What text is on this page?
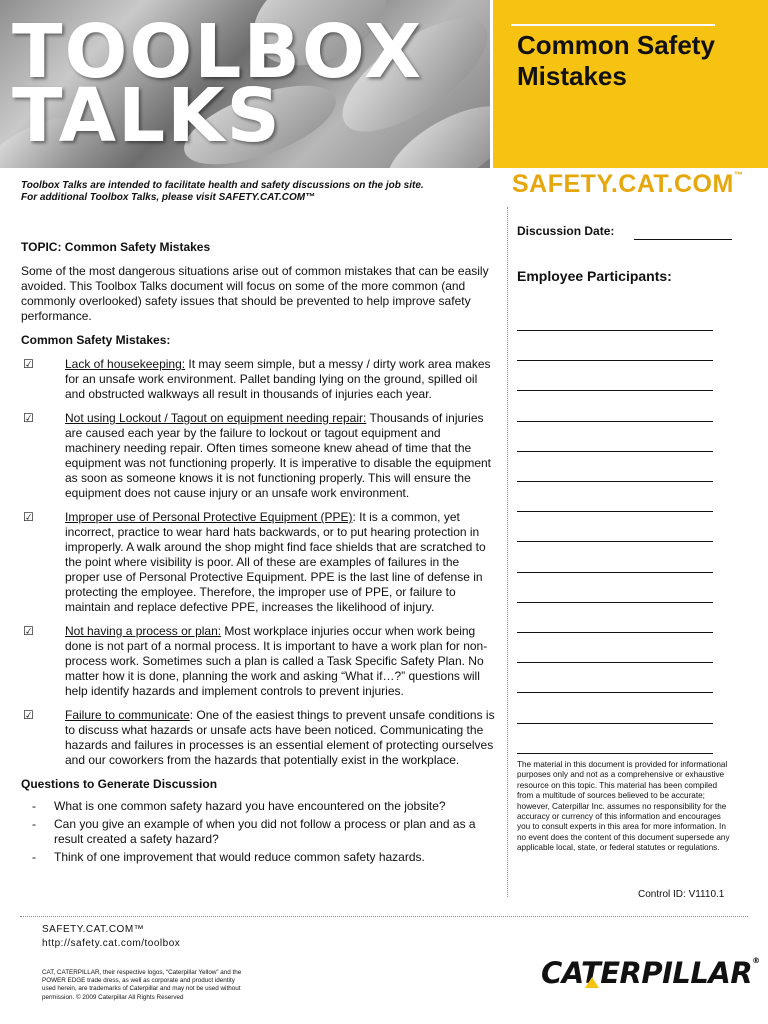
TOOLBOX
TALKS
Common Safety Mistakes
SAFETY.CAT.COM™
Toolbox Talks are intended to facilitate health and safety discussions on the job site.
For additional Toolbox Talks, please visit SAFETY.CAT.COM™

TOPIC: Common Safety Mistakes

Some of the most dangerous situations arise out of common mistakes that can be easily avoided. This Toolbox Talks document will focus on some of the more common (and commonly overlooked) safety issues that should be prevented to help improve safety performance.

Common Safety Mistakes:

☑	Lack of housekeeping: It may seem simple, but a messy / dirty work area makes for an unsafe work environment. Pallet banding lying on the ground, spilled oil and obstructed walkways all result in thousands of injuries each year.
☑	Not using Lockout / Tagout on equipment needing repair: Thousands of injuries are caused each year by the failure to lockout or tagout equipment and machinery needing repair. Often times someone knew ahead of time that the equipment was not functioning properly. It is imperative to disable the equipment as soon as someone knows it is not functioning properly. This will ensure the equipment does not cause injury or an unsafe work environment.
☑	Improper use of Personal Protective Equipment (PPE): It is a common, yet incorrect, practice to wear hard hats backwards, or to put hearing protection in improperly. A walk around the shop might find face shields that are scratched to the point where visibility is poor. All of these are examples of failures in the proper use of Personal Protective Equipment. PPE is the last line of defense in protecting the employee. Therefore, the improper use of PPE, or failure to maintain and replace defective PPE, increases the likelihood of injury.
☑	Not having a process or plan: Most workplace injuries occur when work being done is not part of a normal process. It is important to have a work plan for non-process work. Sometimes such a plan is called a Task Specific Safety Plan. No matter how it is done, planning the work and asking “What if…?” questions will help identify hazards and implement controls to prevent injuries.
☑	Failure to communicate: One of the easiest things to prevent unsafe conditions is to discuss what hazards or unsafe acts have been noticed. Communicating the hazards and failures in processes is an essential element of protecting ourselves and our coworkers from the hazards that potentially exist in the workplace.

Questions to Generate Discussion

- What is one common safety hazard you have encountered on the jobsite?
- Can you give an example of when you did not follow a process or plan and as a result created a safety hazard?
- Think of one improvement that would reduce common safety hazards.
Discussion Date:
Employee Participants:
The material in this document is provided for informational purposes only and not as a comprehensive or exhaustive resource on this topic. This material has been compiled from a multitude of sources believed to be accurate; however, Caterpillar Inc. assumes no responsibility for the accuracy or currency of this information and encourages you to consult experts in this area for more information. In no event does the content of this document supersede any applicable local, state, or federal statutes or regulations.
Control ID: V1110.1
SAFETY.CAT.COM™
http://safety.cat.com/toolbox
CAT, CATERPILLAR, their respective logos, “Caterpillar Yellow” and the POWER EDGE trade dress, as well as corporate and product identity used herein, are trademarks of Caterpillar and may not be used without permission. © 2009 Caterpillar All Rights Reserved
CATERPILLAR®
